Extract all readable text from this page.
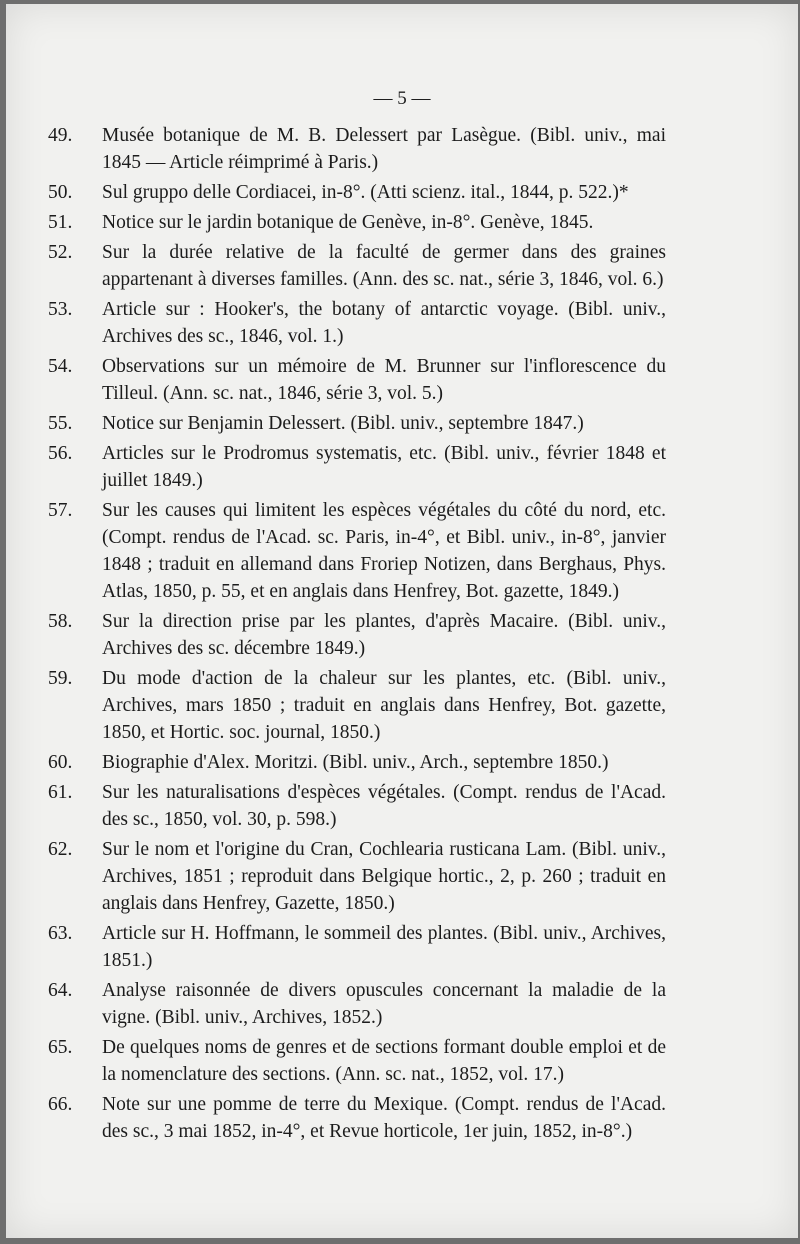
— 5 —
49.	Musée botanique de M. B. Delessert par Lasègue. (Bibl. univ., mai 1845 — Article réimprimé à Paris.)
50.	Sul gruppo delle Cordiacei, in-8°. (Atti scienz. ital., 1844, p. 522.)*
51.	Notice sur le jardin botanique de Genève, in-8°. Genève, 1845.
52.	Sur la durée relative de la faculté de germer dans des graines appartenant à diverses familles. (Ann. des sc. nat., série 3, 1846, vol. 6.)
53.	Article sur : Hooker's, the botany of antarctic voyage. (Bibl. univ., Archives des sc., 1846, vol. 1.)
54.	Observations sur un mémoire de M. Brunner sur l'inflorescence du Tilleul. (Ann. sc. nat., 1846, série 3, vol. 5.)
55.	Notice sur Benjamin Delessert. (Bibl. univ., septembre 1847.)
56.	Articles sur le Prodromus systematis, etc. (Bibl. univ., février 1848 et juillet 1849.)
57.	Sur les causes qui limitent les espèces végétales du côté du nord, etc. (Compt. rendus de l'Acad. sc. Paris, in-4°, et Bibl. univ., in-8°, janvier 1848 ; traduit en allemand dans Froriep Notizen, dans Berghaus, Phys. Atlas, 1850, p. 55, et en anglais dans Henfrey, Bot. gazette, 1849.)
58.	Sur la direction prise par les plantes, d'après Macaire. (Bibl. univ., Archives des sc. décembre 1849.)
59.	Du mode d'action de la chaleur sur les plantes, etc. (Bibl. univ., Archives, mars 1850 ; traduit en anglais dans Henfrey, Bot. gazette, 1850, et Hortic. soc. journal, 1850.)
60.	Biographie d'Alex. Moritzi. (Bibl. univ., Arch., septembre 1850.)
61.	Sur les naturalisations d'espèces végétales. (Compt. rendus de l'Acad. des sc., 1850, vol. 30, p. 598.)
62.	Sur le nom et l'origine du Cran, Cochlearia rusticana Lam. (Bibl. univ., Archives, 1851 ; reproduit dans Belgique hortic., 2, p. 260 ; traduit en anglais dans Henfrey, Gazette, 1850.)
63.	Article sur H. Hoffmann, le sommeil des plantes. (Bibl. univ., Archives, 1851.)
64.	Analyse raisonnée de divers opuscules concernant la maladie de la vigne. (Bibl. univ., Archives, 1852.)
65.	De quelques noms de genres et de sections formant double emploi et de la nomenclature des sections. (Ann. sc. nat., 1852, vol. 17.)
66.	Note sur une pomme de terre du Mexique. (Compt. rendus de l'Acad. des sc., 3 mai 1852, in-4°, et Revue horticole, 1er juin, 1852, in-8°.)
